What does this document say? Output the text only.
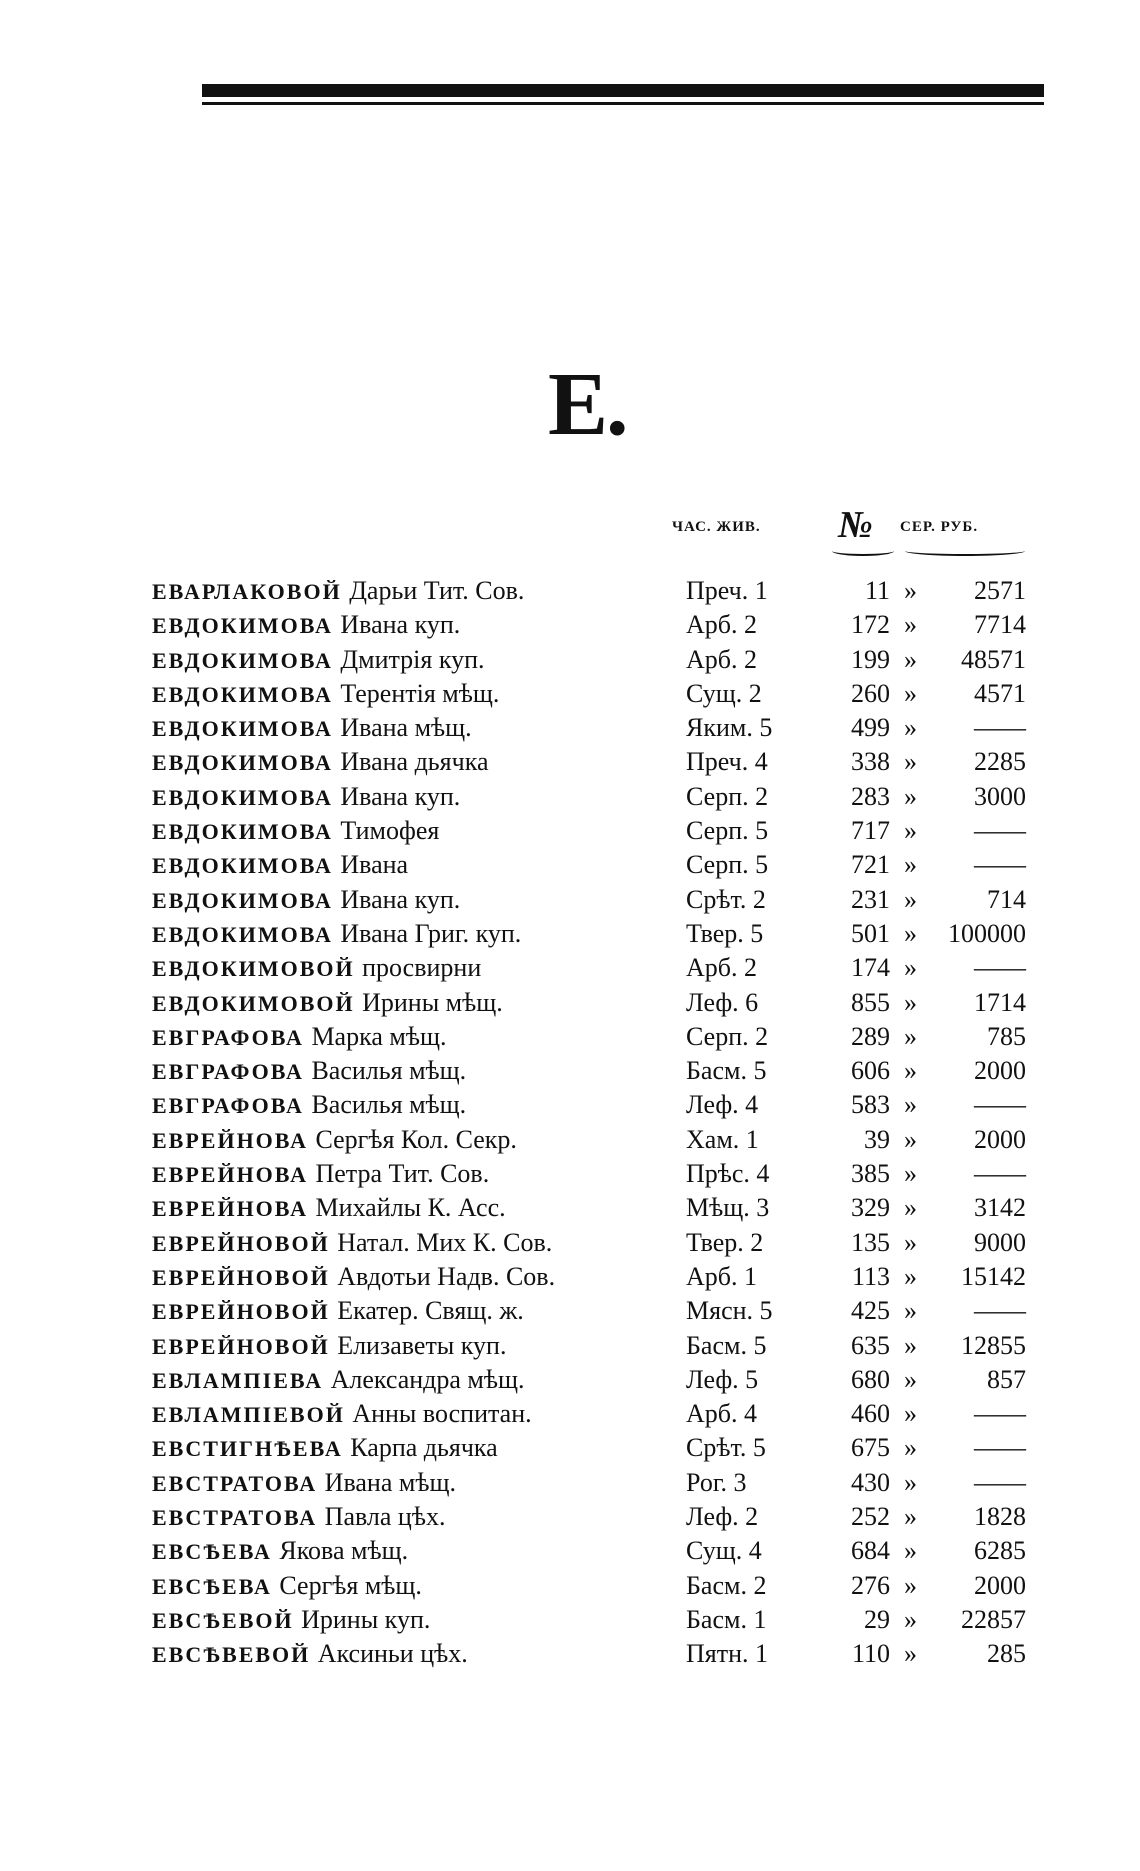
Е.
ЧАС. ЖИВ. № СЕР. РУБ.
ЕВАРЛАКОВОЙ Дарьи Тит. Сов.	Преч. 1	11 »	2571
ЕВДОКИМОВА Ивана куп.	Арб. 2	172 »	7714
ЕВДОКИМОВА Дмитрія куп.	Арб. 2	199 »	48571
ЕВДОКИМОВА Терентія мѣщ.	Сущ. 2	260 »	4571
ЕВДОКИМОВА Ивана мѣщ.	Яким. 5	499 »	——
ЕВДОКИМОВА Ивана дьячка	Преч. 4	338 »	2285
ЕВДОКИМОВА Ивана куп.	Серп. 2	283 »	3000
ЕВДОКИМОВА Тимофея	Серп. 5	717 »	——
ЕВДОКИМОВА Ивана	Серп. 5	721 »	——
ЕВДОКИМОВА Ивана куп.	Срѣт. 2	231 »	714
ЕВДОКИМОВА Ивана Григ. куп.	Твер. 5	501 »	100000
ЕВДОКИМОВОЙ просвирни	Арб. 2	174 »	——
ЕВДОКИМОВОЙ Ирины мѣщ.	Леф. 6	855 »	1714
ЕВГРАФОВА Марка мѣщ.	Серп. 2	289 »	785
ЕВГРАФОВА Василья мѣщ.	Басм. 5	606 »	2000
ЕВГРАФОВА Василья мѣщ.	Леф. 4	583 »	——
ЕВРЕЙНОВА Сергѣя Кол. Секр.	Хам. 1	39 »	2000
ЕВРЕЙНОВА Петра Тит. Сов.	Прѣс. 4	385 »	——
ЕВРЕЙНОВА Михайлы К. Асс.	Мѣщ. 3	329 »	3142
ЕВРЕЙНОВОЙ Натал. Мих К. Сов.	Твер. 2	135 »	9000
ЕВРЕЙНОВОЙ Авдотьи Надв. Сов.	Арб. 1	113 »	15142
ЕВРЕЙНОВОЙ Екатер. Свящ. ж.	Мясн. 5	425 »	——
ЕВРЕЙНОВОЙ Елизаветы куп.	Басм. 5	635 »	12855
ЕВЛАМПІЕВА Александра мѣщ.	Леф. 5	680 »	857
ЕВЛАМПІЕВОЙ Анны воспитан.	Арб. 4	460 »	——
ЕВСТИГНѢЕВА Карпа дьячка	Срѣт. 5	675 »	——
ЕВСТРАТОВА Ивана мѣщ.	Рог. 3	430 »	——
ЕВСТРАТОВА Павла цѣх.	Леф. 2	252 »	1828
ЕВСѢЕВА Якова мѣщ.	Сущ. 4	684 »	6285
ЕВСѢЕВА Сергѣя мѣщ.	Басм. 2	276 »	2000
ЕВСѢЕВОЙ Ирины куп.	Басм. 1	29 »	22857
ЕВСѢВЕВОЙ Аксиньи цѣх.	Пятн. 1	110 »	285
